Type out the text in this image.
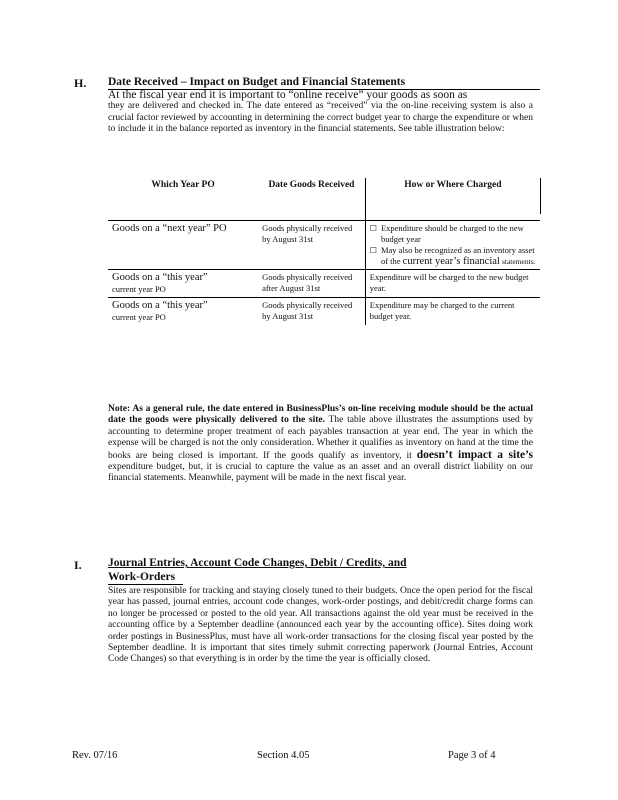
H. Date Received – Impact on Budget and Financial Statements
At the fiscal year end it is important to “online receive” your goods as soon as
they are delivered and checked in. The date entered as “received” via the on-line receiving system is also a crucial factor reviewed by accounting in determining the correct budget year to charge the expenditure or when to include it in the balance reported as inventory in the financial statements. See table illustration below:
Which Year PO	Date Goods Received	How or Where Charged
Goods on a “next year” PO	Goods physically received by August 31st	☐ Expenditure should be charged to the new budget year
☐ May also be recognized as an inventory asset of the current year’s financial statements.

Goods on a “this year”
current year PO	Goods physically received after August 31st	Expenditure will be charged to the new budget year.

Goods on a “this year”
current year PO	Goods physically received by August 31st	Expenditure may be charged to the current budget year.
Note: As a general rule, the date entered in BusinessPlus’s on-line receiving module should be the actual date the goods were physically delivered to the site. The table above illustrates the assumptions used by accounting to determine proper treatment of each payables transaction at year end. The year in which the expense will be charged is not the only consideration. Whether it qualifies as inventory on hand at the time the books are being closed is important. If the goods qualify as inventory, it doesn’t impact a site’s expenditure budget, but, it is crucial to capture the value as an asset and an overall district liability on our financial statements. Meanwhile, payment will be made in the next fiscal year.
I. Journal Entries, Account Code Changes, Debit / Credits, and
Work-Orders
Sites are responsible for tracking and staying closely tuned to their budgets. Once the open period for the fiscal year has passed, journal entries, account code changes, work-order postings, and debit/credit charge forms can no longer be processed or posted to the old year. All transactions against the old year must be received in the accounting office by a September deadline (announced each year by the accounting office). Sites doing work order postings in BusinessPlus, must have all work-order transactions for the closing fiscal year posted by the September deadline. It is important that sites timely submit correcting paperwork (Journal Entries, Account Code Changes) so that everything is in order by the time the year is officially closed.
Rev. 07/16	Section 4.05	Page 3 of 4
